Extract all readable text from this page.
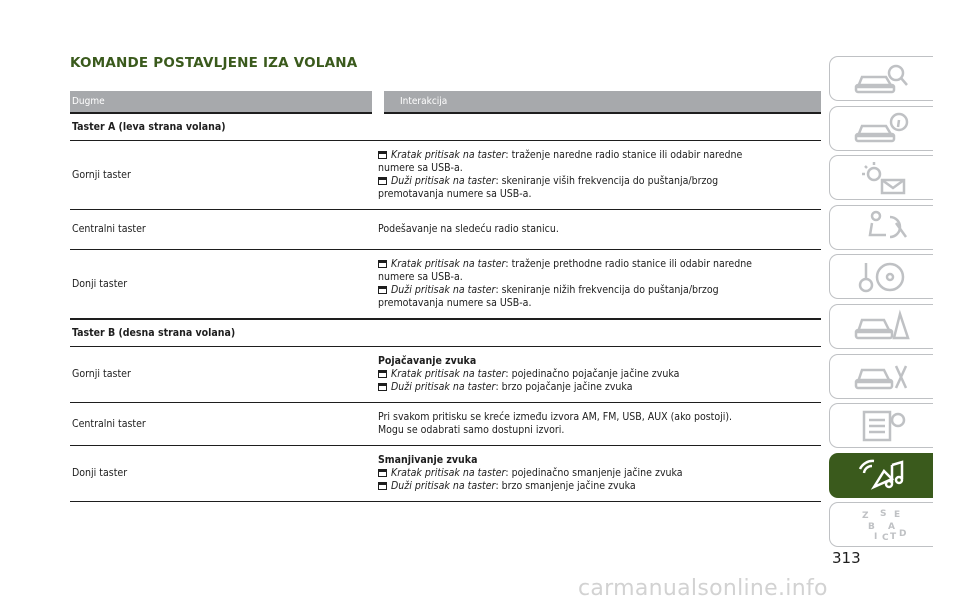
KOMANDE POSTAVLJENE IZA VOLANA
Dugme	Interakcija
Taster A (leva strana volana)	
Gornji taster	Kratak pritisak na taster: traženje naredne radio stanice ili odabir naredne
numere sa USB-a.
Duži pritisak na taster: skeniranje viših frekvencija do puštanja/brzog
premotavanja numere sa USB-a.

Centralni taster	Podešavanje na sledeću radio stanicu.
Donji taster	Kratak pritisak na taster: traženje prethodne radio stanice ili odabir naredne
numere sa USB-a.
Duži pritisak na taster: skeniranje nižih frekvencija do puštanja/brzog
premotavanja numere sa USB-a.

Taster B (desna strana volana)	
Gornji taster	Pojačavanje zvuka
Kratak pritisak na taster: pojedinačno pojačanje jačine zvuka
Duži pritisak na taster: brzo pojačanje jačine zvuka

Centralni taster	Pri svakom pritisku se kreće između izvora AM, FM, USB, AUX (ako postoji).
Mogu se odabrati samo dostupni izvori.

Donji taster	Smanjivanje zvuka
Kratak pritisak na taster: pojedinačno smanjenje jačine zvuka
Duži pritisak na taster: brzo smanjenje jačine zvuka
Z S E
B A
I C T D
313
carmanualsonline.info
